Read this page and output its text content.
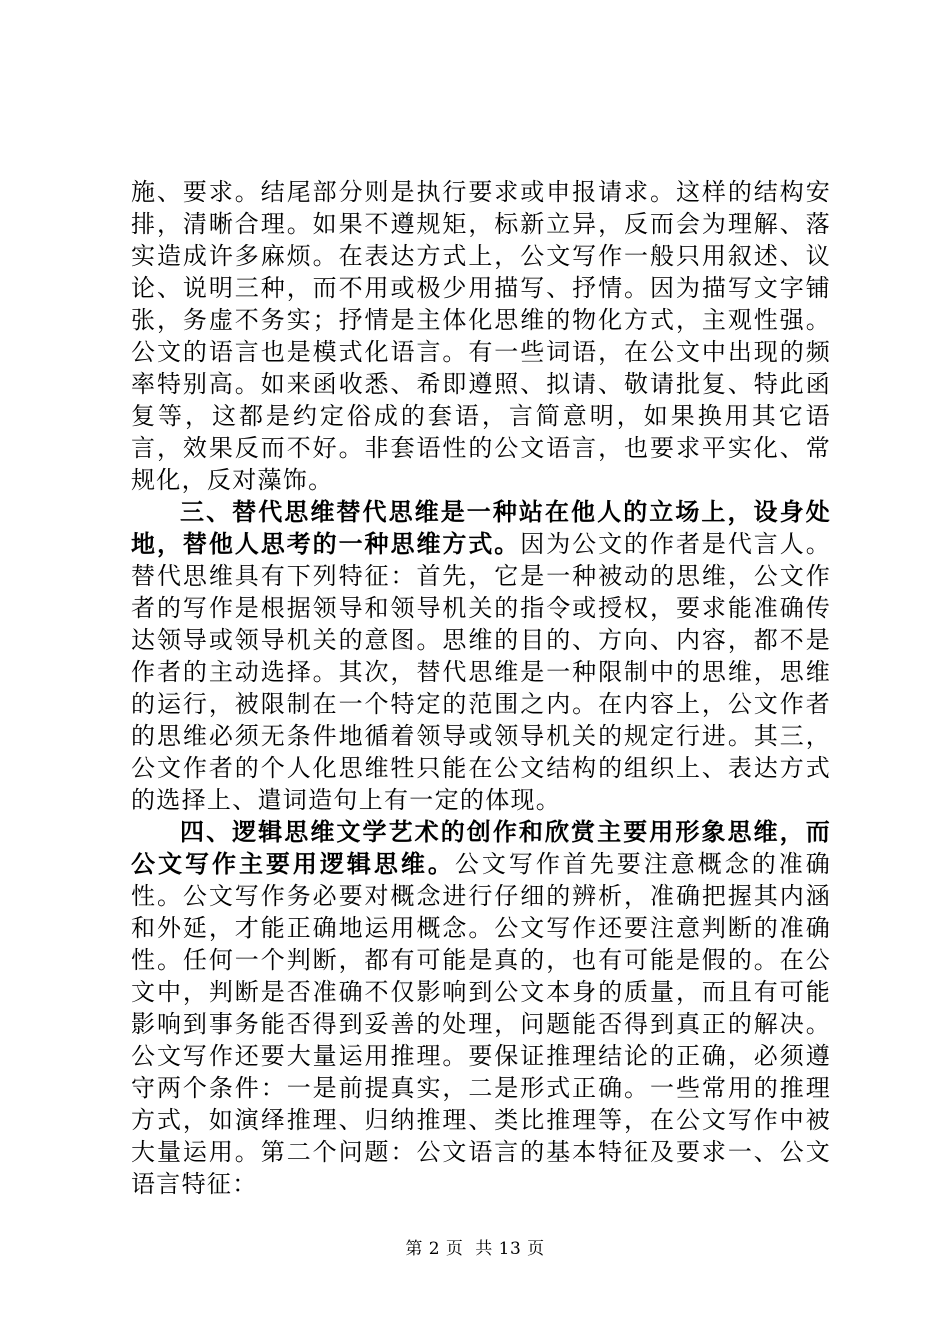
施、要求。结尾部分则是执行要求或申报请求。这样的结构安排，清晰合理。如果不遵规矩，标新立异，反而会为理解、落实造成许多麻烦。在表达方式上，公文写作一般只用叙述、议论、说明三种，而不用或极少用描写、抒情。因为描写文字铺张，务虚不务实；抒情是主体化思维的物化方式，主观性强。公文的语言也是模式化语言。有一些词语，在公文中出现的频率特别高。如来函收悉、希即遵照、拟请、敬请批复、特此函复等，这都是约定俗成的套语，言简意明，如果换用其它语言，效果反而不好。非套语性的公文语言，也要求平实化、常规化，反对藻饰。

三、替代思维替代思维是一种站在他人的立场上，设身处地，替他人思考的一种思维方式。因为公文的作者是代言人。替代思维具有下列特征：首先，它是一种被动的思维，公文作者的写作是根据领导和领导机关的指令或授权，要求能准确传达领导或领导机关的意图。思维的目的、方向、内容，都不是作者的主动选择。其次，替代思维是一种限制中的思维，思维的运行，被限制在一个特定的范围之内。在内容上，公文作者的思维必须无条件地循着领导或领导机关的规定行进。其三，公文作者的个人化思维牲只能在公文结构的组织上、表达方式的选择上、遣词造句上有一定的体现。

四、逻辑思维文学艺术的创作和欣赏主要用形象思维，而公文写作主要用逻辑思维。公文写作首先要注意概念的准确性。公文写作务必要对概念进行仔细的辨析，准确把握其内涵和外延，才能正确地运用概念。公文写作还要注意判断的准确性。任何一个判断，都有可能是真的，也有可能是假的。在公文中，判断是否准确不仅影响到公文本身的质量，而且有可能影响到事务能否得到妥善的处理，问题能否得到真正的解决。公文写作还要大量运用推理。要保证推理结论的正确，必须遵守两个条件：一是前提真实，二是形式正确。一些常用的推理方式，如演绎推理、归纳推理、类比推理等，在公文写作中被大量运用。第二个问题：公文语言的基本特征及要求一、公文语言特征：

第 2 页  共 13 页
